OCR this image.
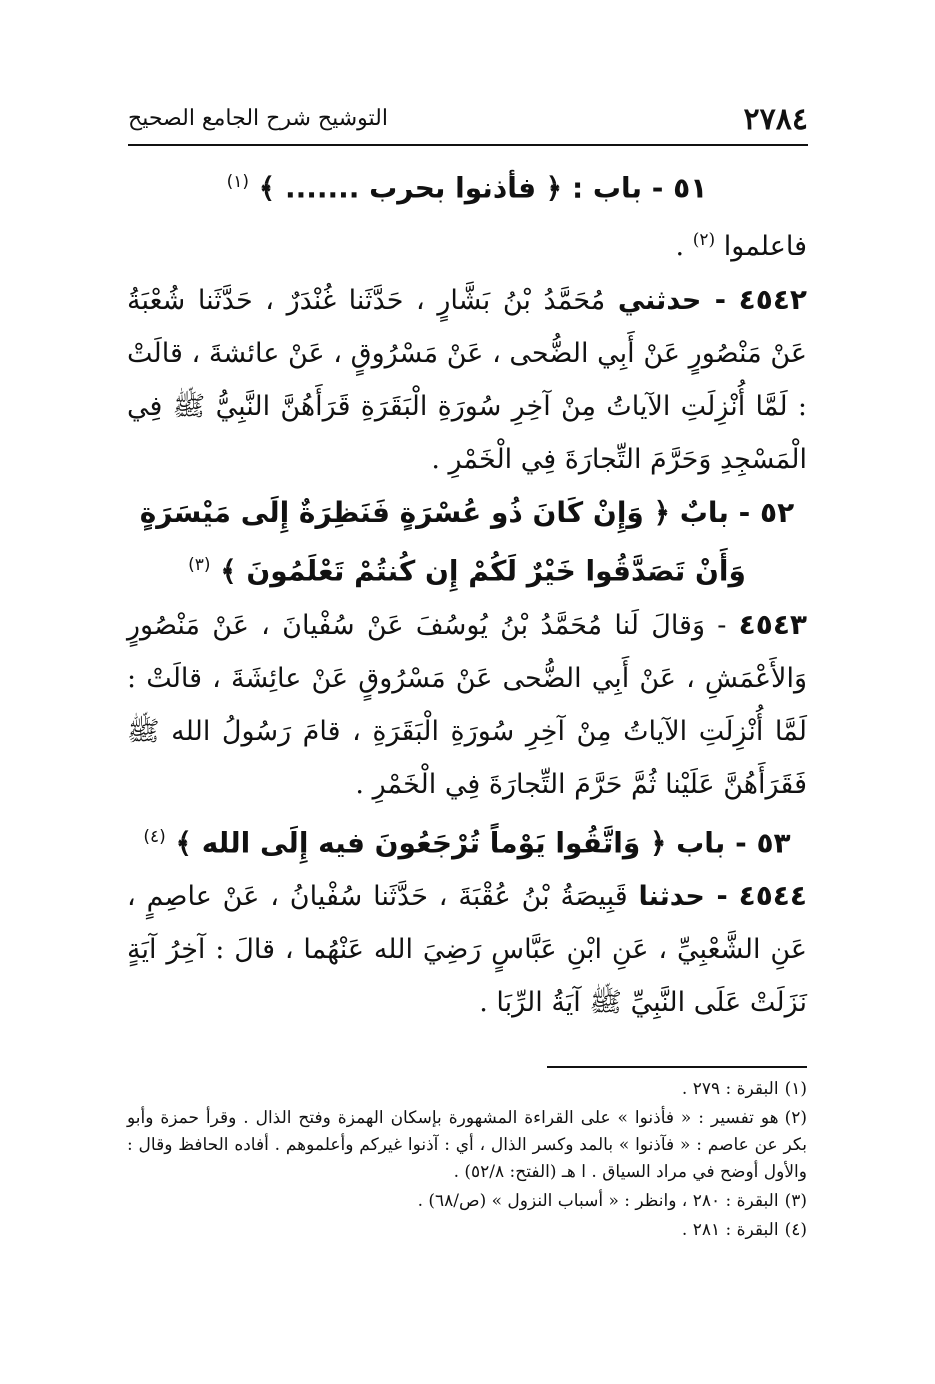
٢٧٨٤
التوشيح شرح الجامع الصحيح

٥١ - باب : ﴿ فأذنوا بحرب ....... ﴾ $^{(١)}$

فاعلموا $^{(٢)}$ .

٤٥٤٢ - حدثني مُحَمَّدُ بْنُ بَشَّارٍ ، حَدَّثَنا غُنْدَرٌ ، حَدَّثَنا شُعْبَةُ عَنْ مَنْصُورٍ عَنْ أَبِي الضُّحى ، عَنْ مَسْرُوقٍ ، عَنْ عائشةَ ، قالَتْ : لَمَّا أُنْزِلَتِ الآياتُ مِنْ آخِرِ سُورَةِ الْبَقَرَةِ قَرَأَهُنَّ النَّبِيُّ ﷺ فِي الْمَسْجِدِ وَحَرَّمَ التِّجارَةَ فِي الْخَمْرِ .

٥٢ - بابٌ ﴿ وَإِنْ كَانَ ذُو عُسْرَةٍ فَنَظِرَةٌ إِلَى مَيْسَرَةٍ

وَأَنْ تَصَدَّقُوا خَيْرٌ لَكُمْ إِن كُنتُمْ تَعْلَمُونَ ﴾ $^{(٣)}$

٤٥٤٣ - وَقالَ لَنا مُحَمَّدُ بْنُ يُوسُفَ عَنْ سُفْيانَ ، عَنْ مَنْصُورٍ وَالأَعْمَشِ ، عَنْ أَبِي الضُّحى عَنْ مَسْرُوقٍ عَنْ عائِشَةَ ، قالَتْ : لَمَّا أُنْزِلَتِ الآياتُ مِنْ آخِرِ سُورَةِ الْبَقَرَةِ ، قامَ رَسُولُ الله ﷺ فَقَرَأَهُنَّ عَلَيْنا ثُمَّ حَرَّمَ التِّجارَةَ فِي الْخَمْرِ .

٥٣ - باب ﴿ وَاتَّقُوا يَوْماً تُرْجَعُونَ فيه إِلَى الله ﴾ $^{(٤)}$

٤٥٤٤ - حدثنا قَبِيصَةُ بْنُ عُقْبَةَ ، حَدَّثَنا سُفْيانُ ، عَنْ عاصِمٍ ، عَنِ الشَّعْبِيِّ ، عَنِ ابْنِ عَبَّاسٍ رَضِيَ الله عَنْهُما ، قالَ : آخِرُ آيَةٍ نَزَلَتْ عَلَى النَّبِيِّ ﷺ آيَةُ الرِّبَا .

(١)البقرة : ٢٧٩ .

(٢)هو تفسير : « فأذنوا » على القراءة المشهورة بإسكان الهمزة وفتح الذال . وقرأ حمزة وأبو بكر عن عاصم : « فآذنوا » بالمد وكسر الذال ، أي : آذنوا غيركم وأعلموهم . أفاده الحافظ وقال : والأول أوضح في مراد السياق . ا هـ (الفتح: ٥٢/٨) .

(٣)البقرة : ٢٨٠ ، وانظر : « أسباب النزول » (ص/٦٨) .

(٤)البقرة : ٢٨١ .
